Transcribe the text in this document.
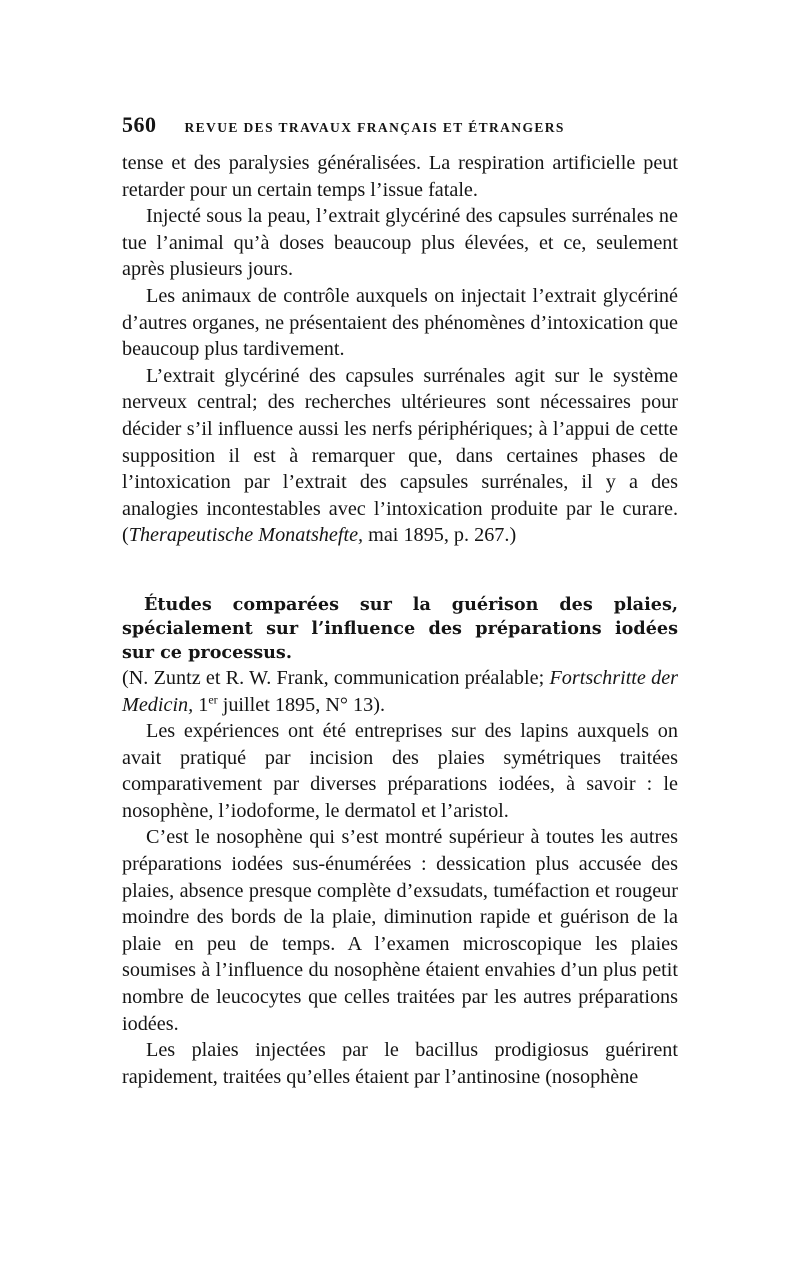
560 REVUE DES TRAVAUX FRANÇAIS ET ÉTRANGERS

tense et des paralysies généralisées. La respiration artificielle peut retarder pour un certain temps l’issue fatale.

Injecté sous la peau, l’extrait glycériné des capsules surrénales ne tue l’animal qu’à doses beaucoup plus élevées, et ce, seulement après plusieurs jours.

Les animaux de contrôle auxquels on injectait l’extrait glycériné d’autres organes, ne présentaient des phénomènes d’intoxication que beaucoup plus tardivement.

L’extrait glycériné des capsules surrénales agit sur le système nerveux central; des recherches ultérieures sont nécessaires pour décider s’il influence aussi les nerfs périphériques; à l’appui de cette supposition il est à remarquer que, dans certaines phases de l’intoxication par l’extrait des capsules surrénales, il y a des analogies incontestables avec l’intoxication produite par le curare. (Therapeutische Monatshefte, mai 1895, p. 267.)

Études comparées sur la guérison des plaies, spécialement sur l’influence des préparations iodées sur ce processus.

(N. Zuntz et R. W. Frank, communication préalable; Fortschritte der Medicin, 1er juillet 1895, N° 13).

Les expériences ont été entreprises sur des lapins auxquels on avait pratiqué par incision des plaies symétriques traitées comparativement par diverses préparations iodées, à savoir : le nosophène, l’iodoforme, le dermatol et l’aristol.

C’est le nosophène qui s’est montré supérieur à toutes les autres préparations iodées sus-énumérées : dessication plus accusée des plaies, absence presque complète d’exsudats, tuméfaction et rougeur moindre des bords de la plaie, diminution rapide et guérison de la plaie en peu de temps. A l’examen microscopique les plaies soumises à l’influence du nosophène étaient envahies d’un plus petit nombre de leucocytes que celles traitées par les autres préparations iodées.

Les plaies injectées par le bacillus prodigiosus guérirent rapidement, traitées qu’elles étaient par l’antinosine (nosophène
